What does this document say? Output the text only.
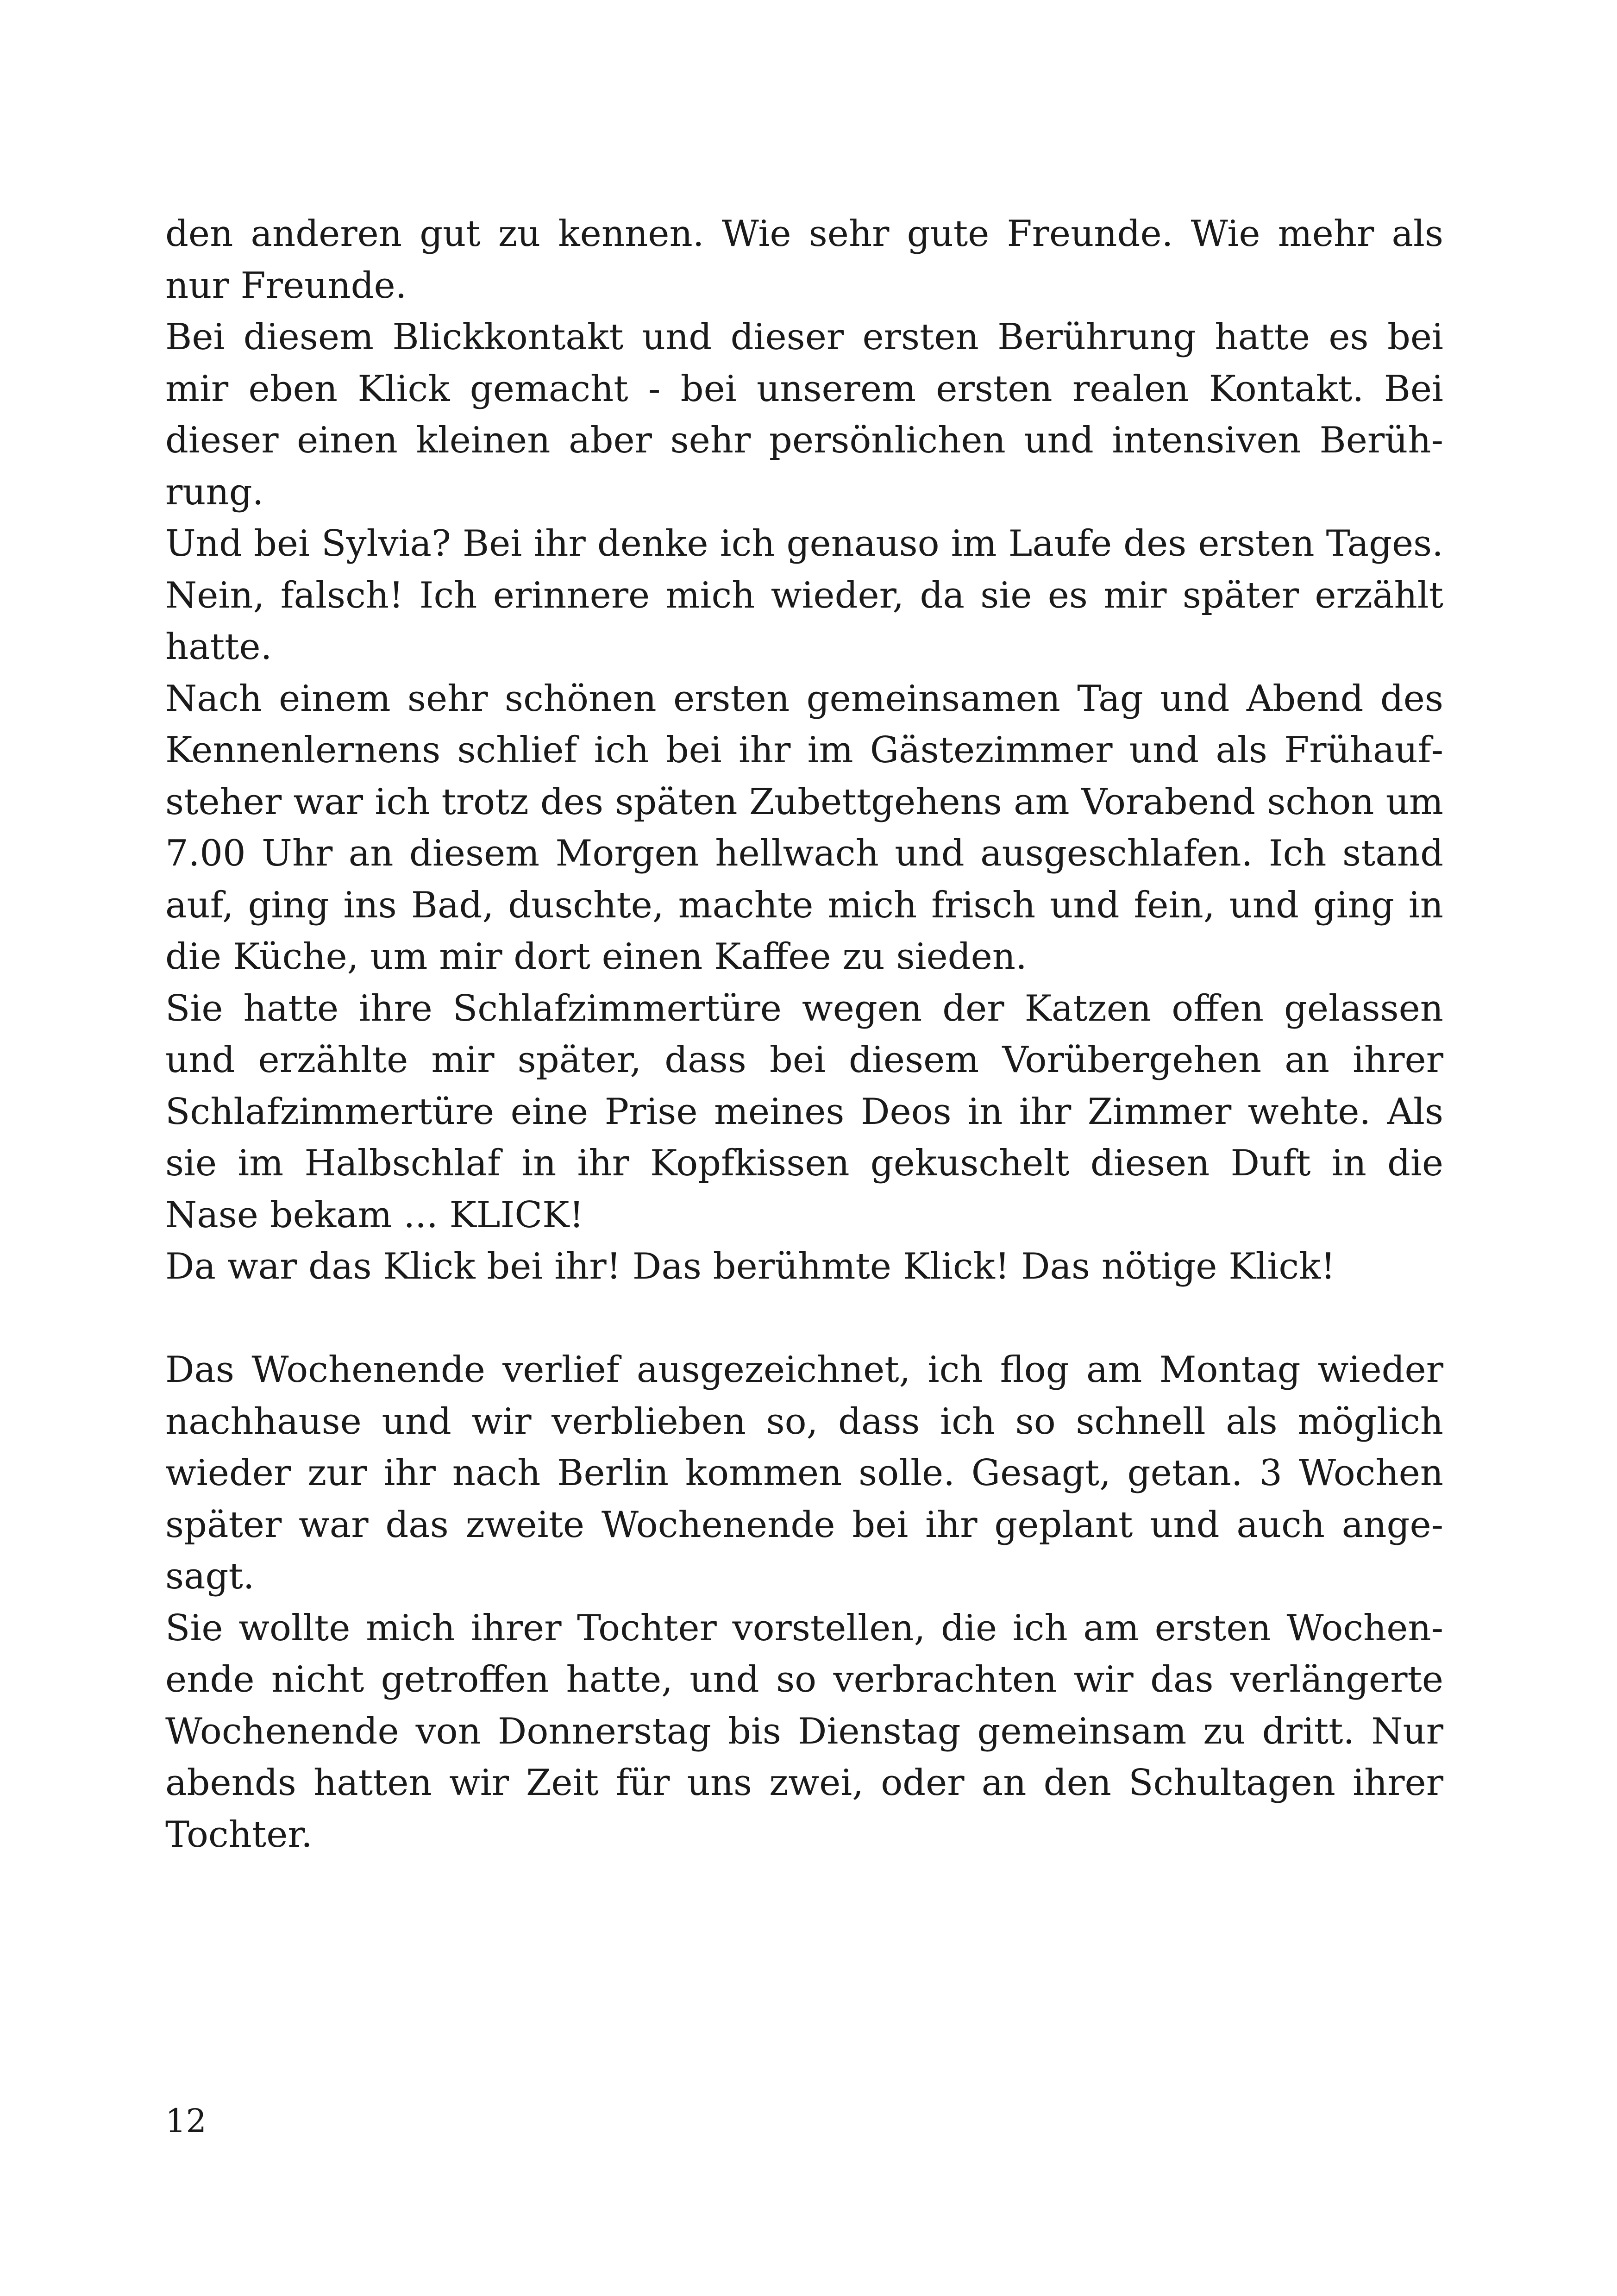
den anderen gut zu kennen. Wie sehr gute Freunde. Wie mehr als nur Freunde.

Bei diesem Blickkontakt und dieser ersten Berührung hatte es bei mir eben Klick gemacht - bei unserem ersten realen Kontakt. Bei dieser einen kleinen aber sehr persönlichen und intensiven Berührung.

Und bei Sylvia? Bei ihr denke ich genauso im Laufe des ersten Tages. Nein, falsch! Ich erinnere mich wieder, da sie es mir später erzählt hatte.

Nach einem sehr schönen ersten gemeinsamen Tag und Abend des Kennenlernens schlief ich bei ihr im Gästezimmer und als Frühaufsteher war ich trotz des späten Zubettgehens am Vorabend schon um 7.00 Uhr an diesem Morgen hellwach und ausgeschlafen. Ich stand auf, ging ins Bad, duschte, machte mich frisch und fein, und ging in die Küche, um mir dort einen Kaffee zu sieden.

Sie hatte ihre Schlafzimmertüre wegen der Katzen offen gelassen und erzählte mir später, dass bei diesem Vorübergehen an ihrer Schlafzimmertüre eine Prise meines Deos in ihr Zimmer wehte. Als sie im Halbschlaf in ihr Kopfkissen gekuschelt diesen Duft in die Nase bekam ... KLICK!

Da war das Klick bei ihr! Das berühmte Klick! Das nötige Klick!

Das Wochenende verlief ausgezeichnet, ich flog am Montag wieder nachhause und wir verblieben so, dass ich so schnell als möglich wieder zur ihr nach Berlin kommen solle. Gesagt, getan. 3 Wochen später war das zweite Wochenende bei ihr geplant und auch angesagt.

Sie wollte mich ihrer Tochter vorstellen, die ich am ersten Wochenende nicht getroffen hatte, und so verbrachten wir das verlängerte Wochenende von Donnerstag bis Dienstag gemeinsam zu dritt. Nur abends hatten wir Zeit für uns zwei, oder an den Schultagen ihrer Tochter.

12
